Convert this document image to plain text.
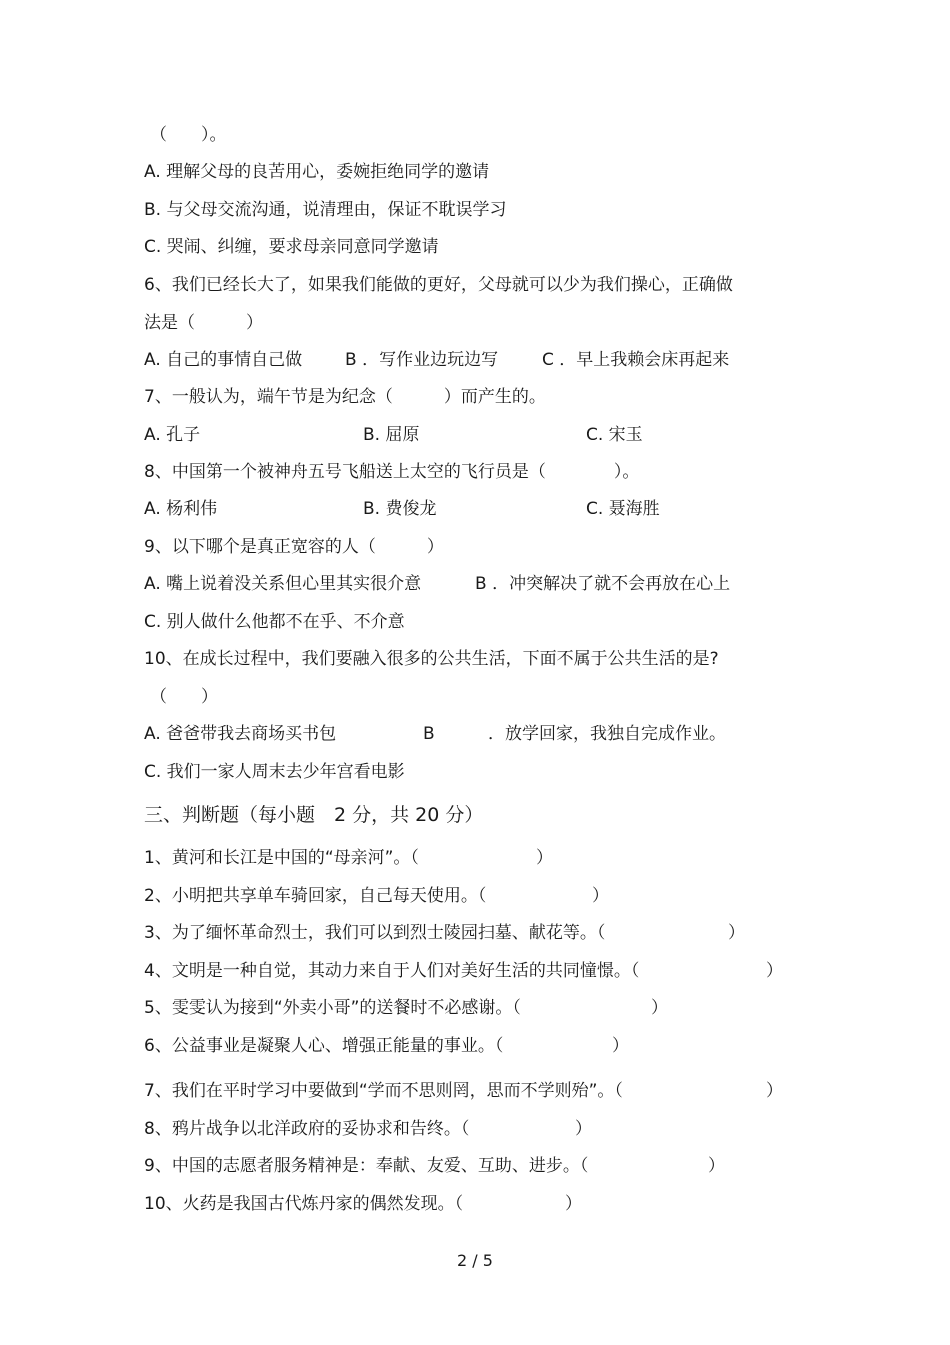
（　　）。
A. 理解父母的良苦用心，委婉拒绝同学的邀请
B. 与父母交流沟通，说清理由，保证不耽误学习
C. 哭闹、纠缠，要求母亲同意同学邀请
6、我们已经长大了，如果我们能做的更好，父母就可以少为我们操心，正确做
法是（　　　）
A. 自己的事情自己做	B ．写作业边玩边写	C ．早上我赖会床再起来
7、一般认为，端午节是为纪念（　　　）而产生的。
A. 孔子	B. 屈原	C. 宋玉
8、中国第一个被神舟五号飞船送上太空的飞行员是（　　　　）。
A. 杨利伟	B. 费俊龙	C. 聂海胜
9、以下哪个是真正宽容的人（　　　）
A. 嘴上说着没关系但心里其实很介意	B ．冲突解决了就不会再放在心上
C. 别人做什么他都不在乎、不介意
10、在成长过程中，我们要融入很多的公共生活，下面不属于公共生活的是?
（　　）
A. 爸爸带我去商场买书包	B	．放学回家，我独自完成作业。
C. 我们一家人周末去少年宫看电影
三、判断题（每小题　2 分，共 20 分）
1、黄河和长江是中国的“母亲河”。（	）
2、小明把共享单车骑回家，自己每天使用。（	）
3、为了缅怀革命烈士，我们可以到烈士陵园扫墓、献花等。（	）
4、文明是一种自觉，其动力来自于人们对美好生活的共同憧憬。（	）
5、雯雯认为接到“外卖小哥”的送餐时不必感谢。（	）
6、公益事业是凝聚人心、增强正能量的事业。（	）
7、我们在平时学习中要做到“学而不思则罔，思而不学则殆”。（	）
8、鸦片战争以北洋政府的妥协求和告终。（	）
9、中国的志愿者服务精神是：奉献、友爱、互助、进步。（	）
10、火药是我国古代炼丹家的偶然发现。（	）
2 / 5
